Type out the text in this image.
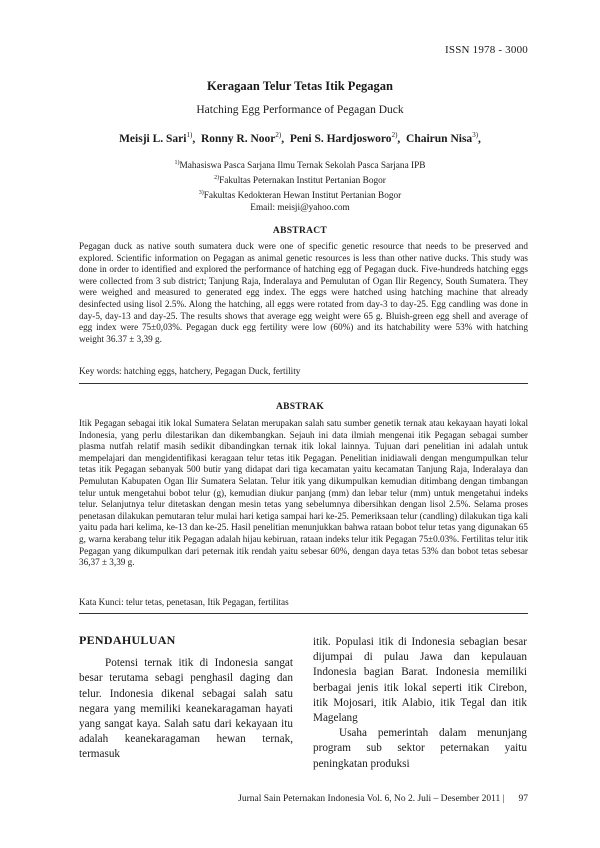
ISSN 1978 - 3000
Keragaan Telur Tetas Itik Pegagan
Hatching Egg Performance of Pegagan Duck
Meisji L. Sari$^{1)}$,  Ronny R. Noor$^{2)}$,  Peni S. Hardjosworo$^{2)}$,  Chairun Nisa$^{3)}$,
$^{1)}$Mahasiswa Pasca Sarjana Ilmu Ternak Sekolah Pasca Sarjana IPB
$^{2)}$Fakultas Peternakan Institut Pertanian Bogor
$^{3)}$Fakultas Kedokteran Hewan Institut Pertanian Bogor
Email: meisji@yahoo.com
ABSTRACT
Pegagan duck as native south sumatera duck were one of specific genetic resource that needs to be preserved and explored. Scientific information on Pegagan as animal genetic resources is less than other native ducks. This study was done in order to identified and explored the performance of hatching egg of Pegagan duck. Five-hundreds hatching eggs were collected from 3 sub district; Tanjung Raja, Inderalaya and Pemulutan of Ogan Ilir Regency, South Sumatera. They were weighed and measured to generated egg index. The eggs were hatched using hatching machine that already desinfected using lisol 2.5%. Along the hatching, all eggs were rotated from day-3 to day-25. Egg candling was done in day-5, day-13 and day-25. The results shows that average egg weight were 65 g. Bluish-green egg shell and average of egg index were 75±0,03%. Pegagan duck egg fertility were low (60%) and its hatchability were 53% with hatching weight 36.37 ± 3,39 g.
Key words: hatching eggs, hatchery, Pegagan Duck, fertility
ABSTRAK
Itik Pegagan sebagai itik lokal Sumatera Selatan merupakan salah satu sumber genetik ternak atau kekayaan hayati lokal Indonesia, yang perlu dilestarikan dan dikembangkan. Sejauh ini data ilmiah mengenai itik Pegagan sebagai sumber plasma nutfah relatif masih sedikit dibandingkan ternak itik lokal lainnya. Tujuan dari penelitian ini adalah untuk mempelajari dan mengidentifikasi keragaan telur tetas itik Pegagan. Penelitian inidiawali dengan mengumpulkan telur tetas itik Pegagan sebanyak 500 butir yang didapat dari tiga kecamatan yaitu kecamatan Tanjung Raja, Inderalaya dan Pemulutan Kabupaten Ogan Ilir Sumatera Selatan. Telur itik yang dikumpulkan kemudian ditimbang dengan timbangan telur untuk mengetahui bobot telur (g), kemudian diukur panjang (mm) dan lebar telur (mm) untuk mengetahui indeks telur. Selanjutnya telur ditetaskan dengan mesin tetas yang sebelumnya dibersihkan dengan lisol 2.5%. Selama proses penetasan dilakukan pemutaran telur mulai hari ketiga sampai hari ke-25. Pemeriksaan telur (candling) dilakukan tiga kali yaitu pada hari kelima, ke-13 dan ke-25. Hasil penelitian menunjukkan bahwa rataan bobot telur tetas yang digunakan 65 g, warna kerabang telur itik Pegagan adalah hijau kebiruan, rataan indeks telur itik Pegagan 75±0.03%. Fertilitas telur itik Pegagan yang dikumpulkan dari peternak itik rendah yaitu sebesar 60%, dengan daya tetas 53% dan bobot tetas sebesar 36,37 ± 3,39 g.
Kata Kunci: telur tetas, penetasan, Itik Pegagan, fertilitas
PENDAHULUAN

Potensi ternak itik di Indonesia sangat besar terutama sebagi penghasil daging dan telur. Indonesia dikenal sebagai salah satu negara yang memiliki keanekaragaman hayati yang sangat kaya. Salah satu dari kekayaan itu adalah keanekaragaman hewan ternak, termasuk

itik. Populasi itik di Indonesia sebagian besar dijumpai di pulau Jawa dan kepulauan Indonesia bagian Barat. Indonesia memiliki berbagai jenis itik lokal seperti itik Cirebon, itik Mojosari, itik Alabio, itik Tegal dan itik Magelang

Usaha pemerintah dalam menunjang program sub sektor peternakan yaitu peningkatan produksi

Jurnal Sain Peternakan Indonesia Vol. 6, No 2. Juli – Desember 2011 | 97
